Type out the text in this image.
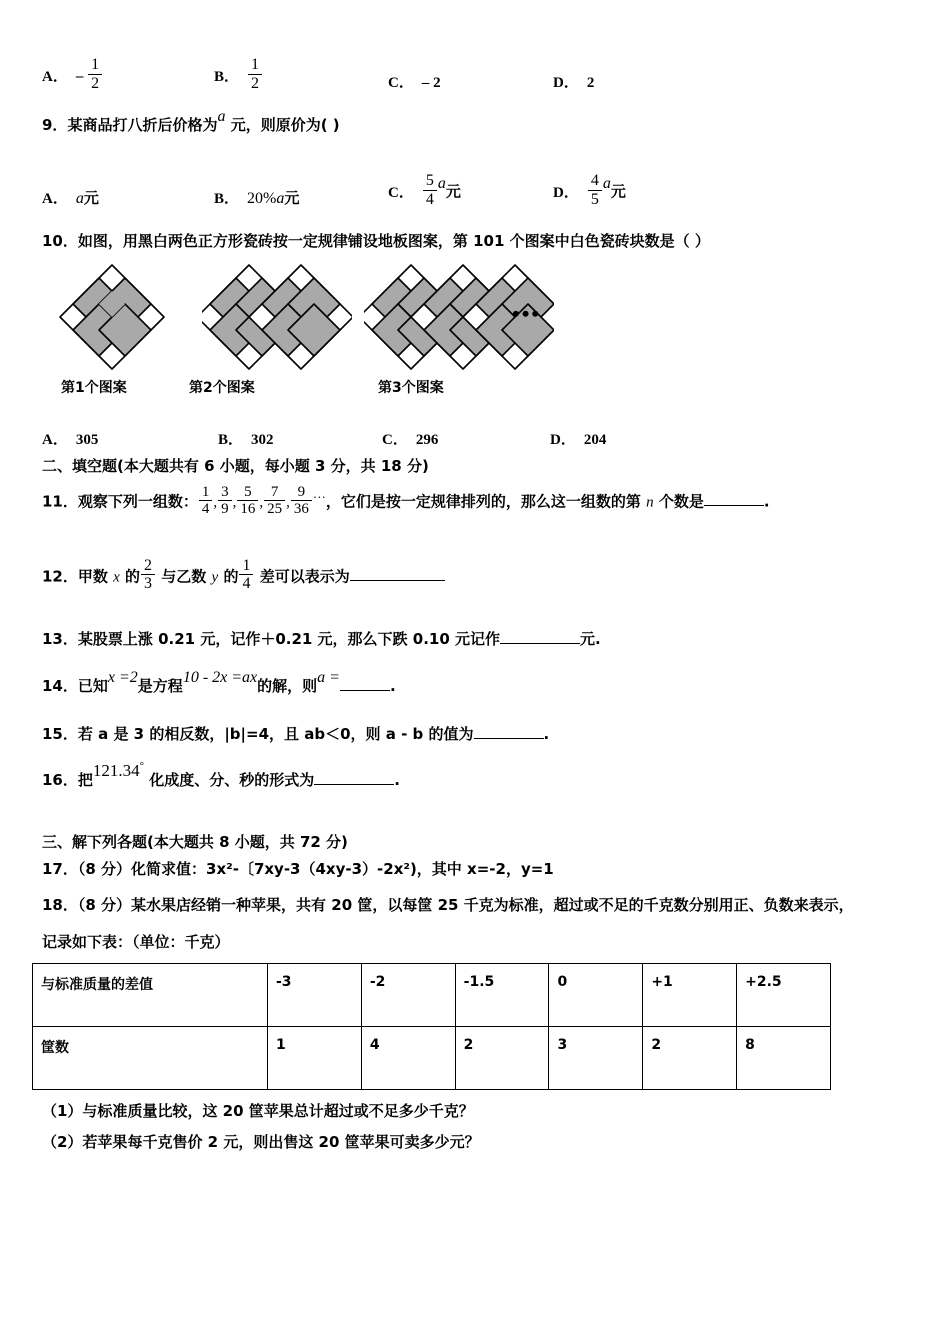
A． – $\frac{1}{2}$	B． $\frac{1}{2}$	C． – 2	D． 2
9．某商品打八折后价格为a 元，则原价为( )
A． a元	B． 20%a元	C． $\frac{5}{4}$ a元	D． $\frac{4}{5}$ a元
10．如图，用黑白两色正方形瓷砖按一定规律铺设地板图案，第 101 个图案中白色瓷砖块数是（ ）
•••
第1个图案	第2个图案	第3个图案
A． 305	B． 302	C． 296	D． 204
二、填空题(本大题共有 6 小题，每小题 3 分，共 18 分)
11．观察下列一组数： $\frac{1}{4}$ , $\frac{3}{9}$ , $\frac{5}{16}$ , $\frac{7}{25}$ , $\frac{9}{36}$ …，它们是按一定规律排列的，那么这一组数的第 n 个数是	.
12．甲数 x 的 $\frac{2}{3}$ 与乙数 y 的 $\frac{1}{4}$ 差可以表示为
13．某股票上涨 0.21 元，记作＋0.21 元，那么下跌 0.10 元记作	元.
14．已知x =2是方程10 - 2x =ax的解，则a =	.
15．若 a 是 3 的相反数，|b|=4，且 ab＜0，则 a - b 的值为	.
16．把121.34° 化成度、分、秒的形式为	.
三、解下列各题(本大题共 8 小题，共 72 分)
17．（8 分）化简求值：3x²-〔7xy-3（4xy-3）-2x²)，其中 x=-2，y=1
18．（8 分）某水果店经销一种苹果，共有 20 筐，以每筐 25 千克为标准，超过或不足的千克数分别用正、负数来表示，
记录如下表：（单位：千克）
与标准质量的差值	-3	-2	-1.5	0	+1	+2.5
筐数	1	4	2	3	2	8
（1）与标准质量比较，这 20 筐苹果总计超过或不足多少千克？
（2）若苹果每千克售价 2 元，则出售这 20 筐苹果可卖多少元？
